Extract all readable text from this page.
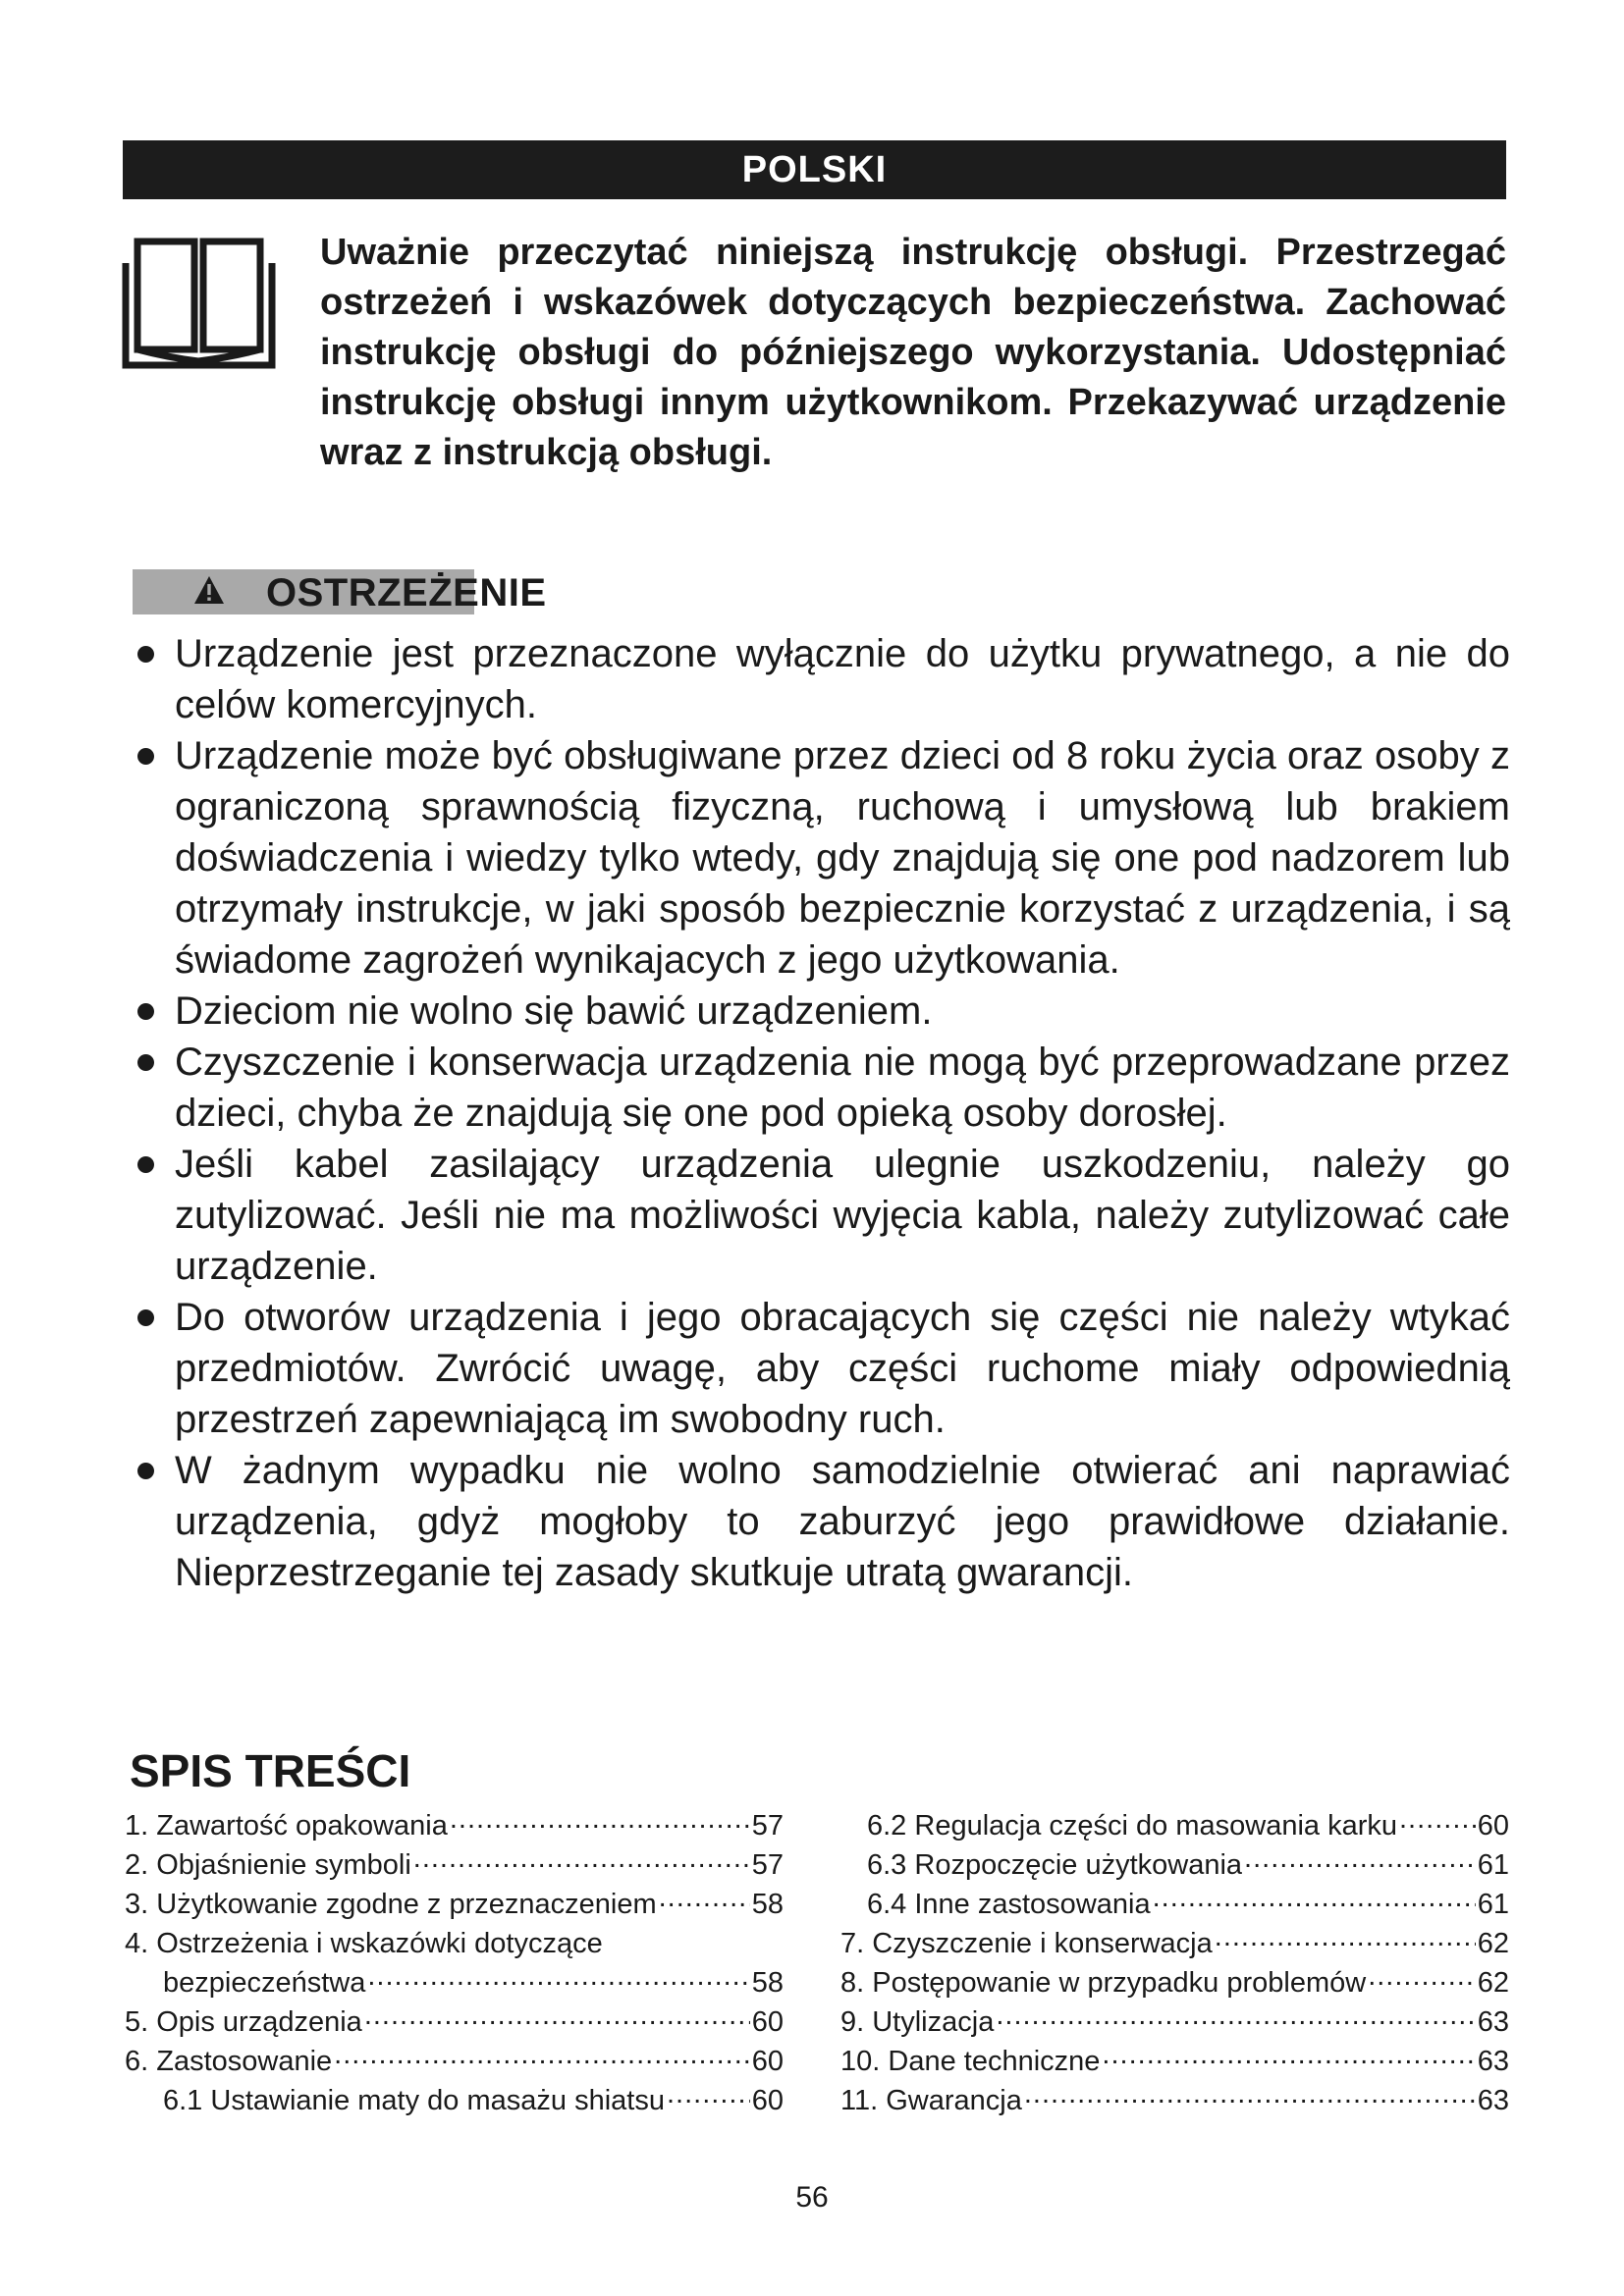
POLSKI
Uważnie przeczytać niniejszą instrukcję obsługi. Przestrzegać ostrzeżeń i wskazówek dotyczących bezpieczeństwa. Zachować instrukcję obsługi do późniejszego wykorzystania. Udostępniać instrukcję obsługi innym użytkownikom. Przekazywać urządzenie wraz z instrukcją obsługi.
OSTRZEŻENIE
Urządzenie jest przeznaczone wyłącznie do użytku prywatnego, a nie do celów komercyjnych.
Urządzenie może być obsługiwane przez dzieci od 8 roku życia oraz osoby z ograniczoną sprawnością fizyczną, ruchową i umysłową lub brakiem doświadczenia i wiedzy tylko wtedy, gdy znajdują się one pod nadzorem lub otrzymały instrukcje, w jaki sposób bezpiecznie korzystać z urządzenia, i są świadome zagrożeń wynikajacych z jego użytkowania.
Dzieciom nie wolno się bawić urządzeniem.
Czyszczenie i konserwacja urządzenia nie mogą być przeprowadzane przez dzieci, chyba że znajdują się one pod opieką osoby dorosłej.
Jeśli kabel zasilający urządzenia ulegnie uszkodzeniu, należy go zutylizować. Jeśli nie ma możliwości wyjęcia kabla, należy zutylizować całe urządzenie.
Do otworów urządzenia i jego obracających się części nie należy wtykać przedmiotów. Zwrócić uwagę, aby części ruchome miały odpowiednią przestrzeń zapewniającą im swobodny ruch.
W żadnym wypadku nie wolno samodzielnie otwierać ani naprawiać urządzenia, gdyż mogłoby to zaburzyć jego prawidłowe działanie. Nieprzestrzeganie tej zasady skutkuje utratą gwarancji.
SPIS TREŚCI
1. Zawartość opakowania .....	57
2. Objaśnienie symboli .....	57
3. Użytkowanie zgodne z przeznaczeniem .....	58
4. Ostrzeżenia i wskazówki dotyczące
bezpieczeństwa .....	58
5. Opis urządzenia .....	60
6. Zastosowanie .....	60
6.1 Ustawianie maty do masażu shiatsu .....	60
6.2 Regulacja części do masowania karku .....	60
6.3 Rozpoczęcie użytkowania .....	61
6.4 Inne zastosowania .....	61
7. Czyszczenie i konserwacja .....	62
8. Postępowanie w przypadku problemów .....	62
9. Utylizacja .....	63
10. Dane techniczne .....	63
11. Gwarancja .....	63
56
